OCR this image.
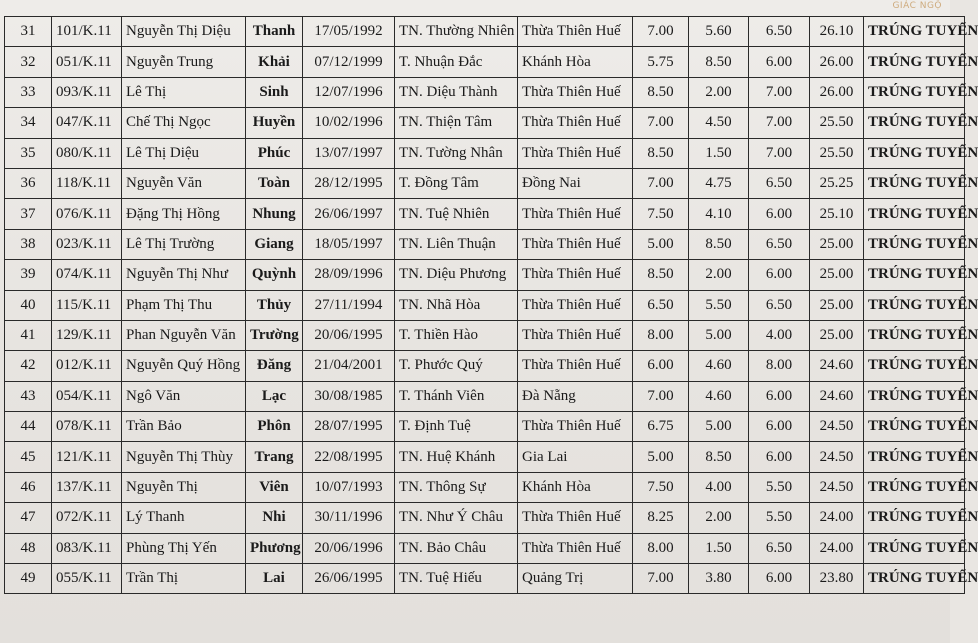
GIÁC NGỘ
31	101/K.11	Nguyễn Thị Diệu	Thanh	17/05/1992	TN. Thường Nhiên	Thừa Thiên Huế	7.00	5.60	6.50	26.10	TRÚNG TUYỂN
32	051/K.11	Nguyễn Trung	Khải	07/12/1999	T. Nhuận Đắc	Khánh Hòa	5.75	8.50	6.00	26.00	TRÚNG TUYỂN
33	093/K.11	Lê Thị	Sinh	12/07/1996	TN. Diệu Thành	Thừa Thiên Huế	8.50	2.00	7.00	26.00	TRÚNG TUYỂN
34	047/K.11	Chế Thị Ngọc	Huyền	10/02/1996	TN. Thiện Tâm	Thừa Thiên Huế	7.00	4.50	7.00	25.50	TRÚNG TUYỂN
35	080/K.11	Lê Thị Diệu	Phúc	13/07/1997	TN. Tường Nhân	Thừa Thiên Huế	8.50	1.50	7.00	25.50	TRÚNG TUYỂN
36	118/K.11	Nguyễn Văn	Toàn	28/12/1995	T. Đồng Tâm	Đồng Nai	7.00	4.75	6.50	25.25	TRÚNG TUYỂN
37	076/K.11	Đặng Thị Hồng	Nhung	26/06/1997	TN. Tuệ Nhiên	Thừa Thiên Huế	7.50	4.10	6.00	25.10	TRÚNG TUYỂN
38	023/K.11	Lê Thị Trường	Giang	18/05/1997	TN. Liên Thuận	Thừa Thiên Huế	5.00	8.50	6.50	25.00	TRÚNG TUYỂN
39	074/K.11	Nguyễn Thị Như	Quỳnh	28/09/1996	TN. Diệu Phương	Thừa Thiên Huế	8.50	2.00	6.00	25.00	TRÚNG TUYỂN
40	115/K.11	Phạm Thị Thu	Thủy	27/11/1994	TN. Nhã Hòa	Thừa Thiên Huế	6.50	5.50	6.50	25.00	TRÚNG TUYỂN
41	129/K.11	Phan Nguyễn Văn	Trường	20/06/1995	T. Thiền Hào	Thừa Thiên Huế	8.00	5.00	4.00	25.00	TRÚNG TUYỂN
42	012/K.11	Nguyễn Quý Hồng	Đăng	21/04/2001	T. Phước Quý	Thừa Thiên Huế	6.00	4.60	8.00	24.60	TRÚNG TUYỂN
43	054/K.11	Ngô Văn	Lạc	30/08/1985	T. Thánh Viên	Đà Nẵng	7.00	4.60	6.00	24.60	TRÚNG TUYỂN
44	078/K.11	Trần Bảo	Phôn	28/07/1995	T. Định Tuệ	Thừa Thiên Huế	6.75	5.00	6.00	24.50	TRÚNG TUYỂN
45	121/K.11	Nguyễn Thị Thùy	Trang	22/08/1995	TN. Huệ Khánh	Gia Lai	5.00	8.50	6.00	24.50	TRÚNG TUYỂN
46	137/K.11	Nguyễn Thị	Viên	10/07/1993	TN. Thông Sự	Khánh Hòa	7.50	4.00	5.50	24.50	TRÚNG TUYỂN
47	072/K.11	Lý Thanh	Nhi	30/11/1996	TN. Như Ý Châu	Thừa Thiên Huế	8.25	2.00	5.50	24.00	TRÚNG TUYỂN
48	083/K.11	Phùng Thị Yến	Phương	20/06/1996	TN. Bảo Châu	Thừa Thiên Huế	8.00	1.50	6.50	24.00	TRÚNG TUYỂN
49	055/K.11	Trần Thị	Lai	26/06/1995	TN. Tuệ Hiếu	Quảng Trị	7.00	3.80	6.00	23.80	TRÚNG TUYỂN
